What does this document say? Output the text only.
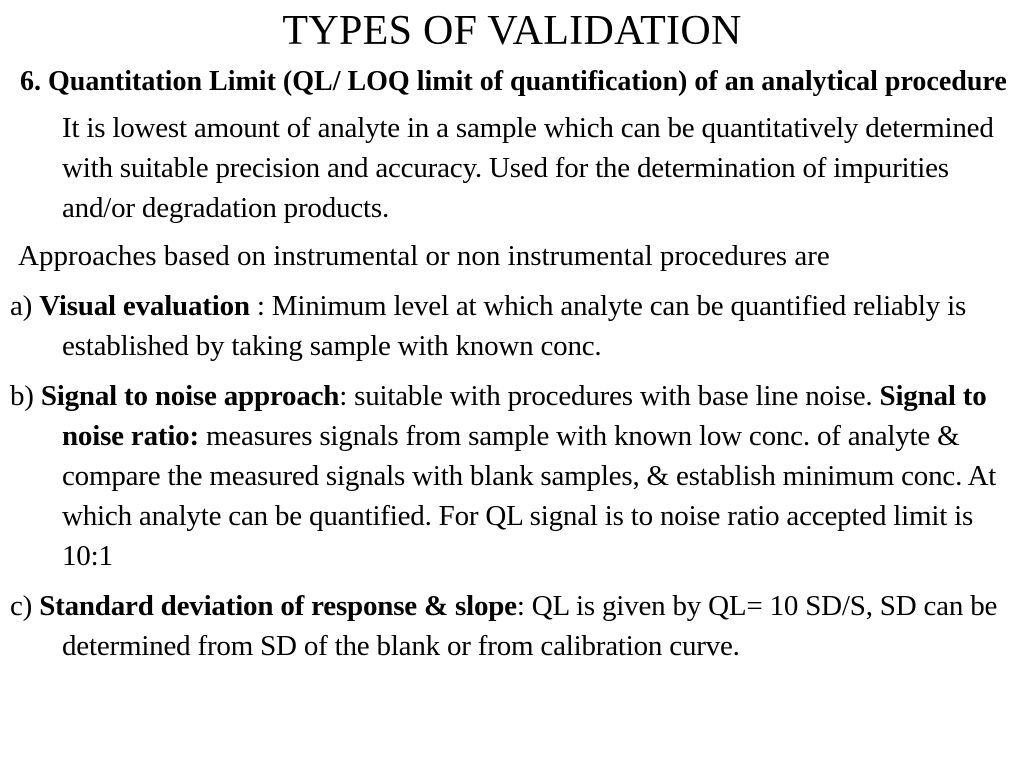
TYPES OF VALIDATION
6. Quantitation Limit (QL/ LOQ limit of quantification) of an analytical procedure
It is lowest amount of analyte in a sample which can be quantitatively determined with suitable precision and accuracy. Used for the determination of impurities and/or degradation products.
Approaches based on instrumental or non instrumental procedures are
a) Visual evaluation : Minimum level at which analyte can be quantified reliably is established by taking sample with known conc.
b) Signal to noise approach: suitable with procedures with base line noise. Signal to noise ratio: measures signals from sample with known low conc. of analyte & compare the measured signals with blank samples, & establish minimum conc. At which analyte can be quantified. For QL signal is to noise ratio accepted limit is 10:1
c) Standard deviation of response & slope: QL is given by QL= 10 SD/S, SD can be determined from SD of the blank or from calibration curve.
